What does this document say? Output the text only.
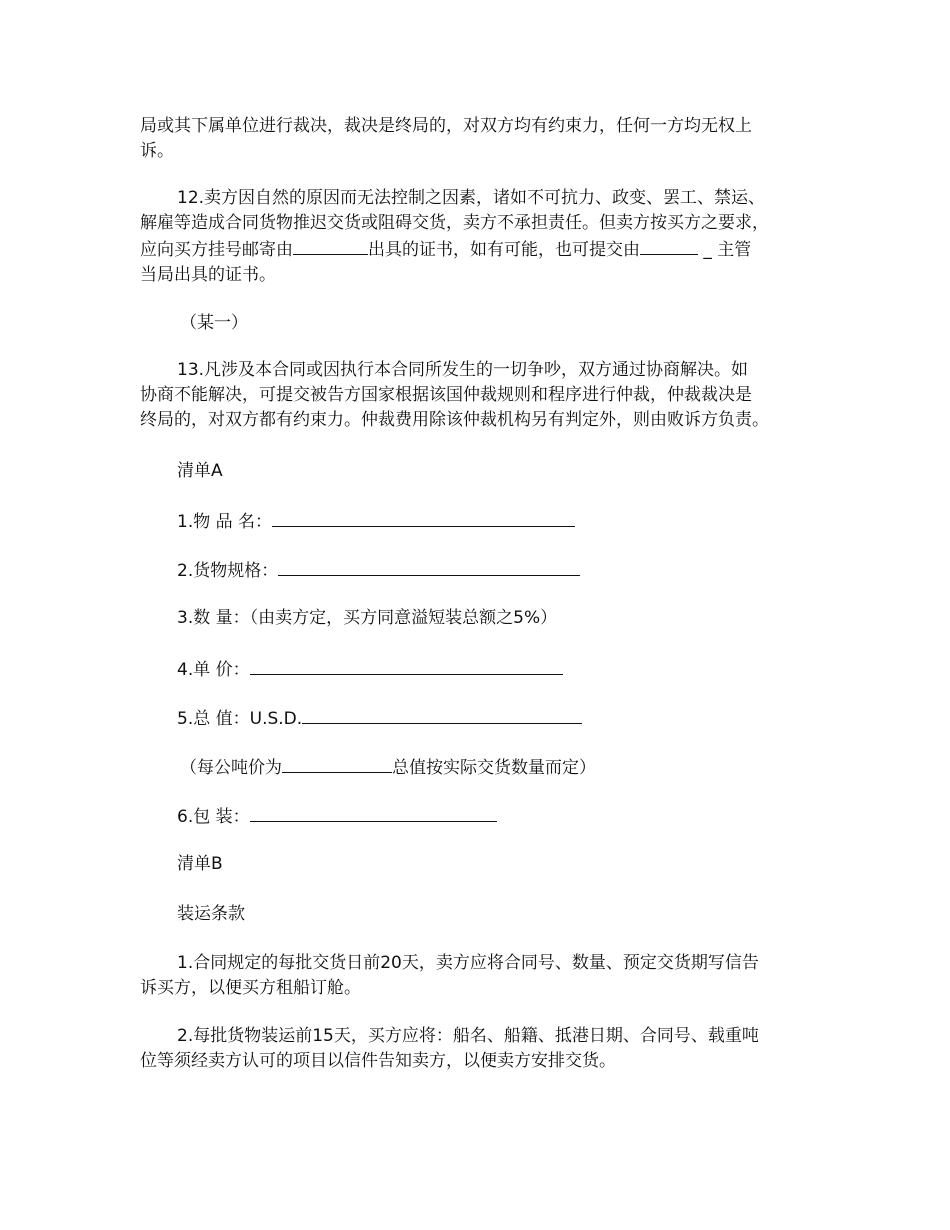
局或其下属单位进行裁决，裁决是终局的，对双方均有约束力，任何一方均无权上
诉。
12.卖方因自然的原因而无法控制之因素，诸如不可抗力、政变、罢工、禁运、
解雇等造成合同货物推迟交货或阻碍交货，卖方不承担责任。但卖方按买方之要求，
应向买方挂号邮寄由	出具的证书，如有可能，也可提交由	_ 主管
当局出具的证书。
（某一）
13.凡涉及本合同或因执行本合同所发生的一切争吵，双方通过协商解决。如
协商不能解决，可提交被告方国家根据该国仲裁规则和程序进行仲裁，仲裁裁决是
终局的，对双方都有约束力。仲裁费用除该仲裁机构另有判定外，则由败诉方负责。
清单A
1.物 品 名：
2.货物规格：
3.数 量：（由卖方定，买方同意溢短装总额之5%）
4.单 价：
5.总 值：U.S.D.
（每公吨价为	总值按实际交货数量而定）
6.包 装：
清单B
装运条款
1.合同规定的每批交货日前20天，卖方应将合同号、数量、预定交货期写信告
诉买方，以便买方租船订舱。
2.每批货物装运前15天，买方应将：船名、船籍、抵港日期、合同号、载重吨
位等须经卖方认可的项目以信件告知卖方，以便卖方安排交货。
